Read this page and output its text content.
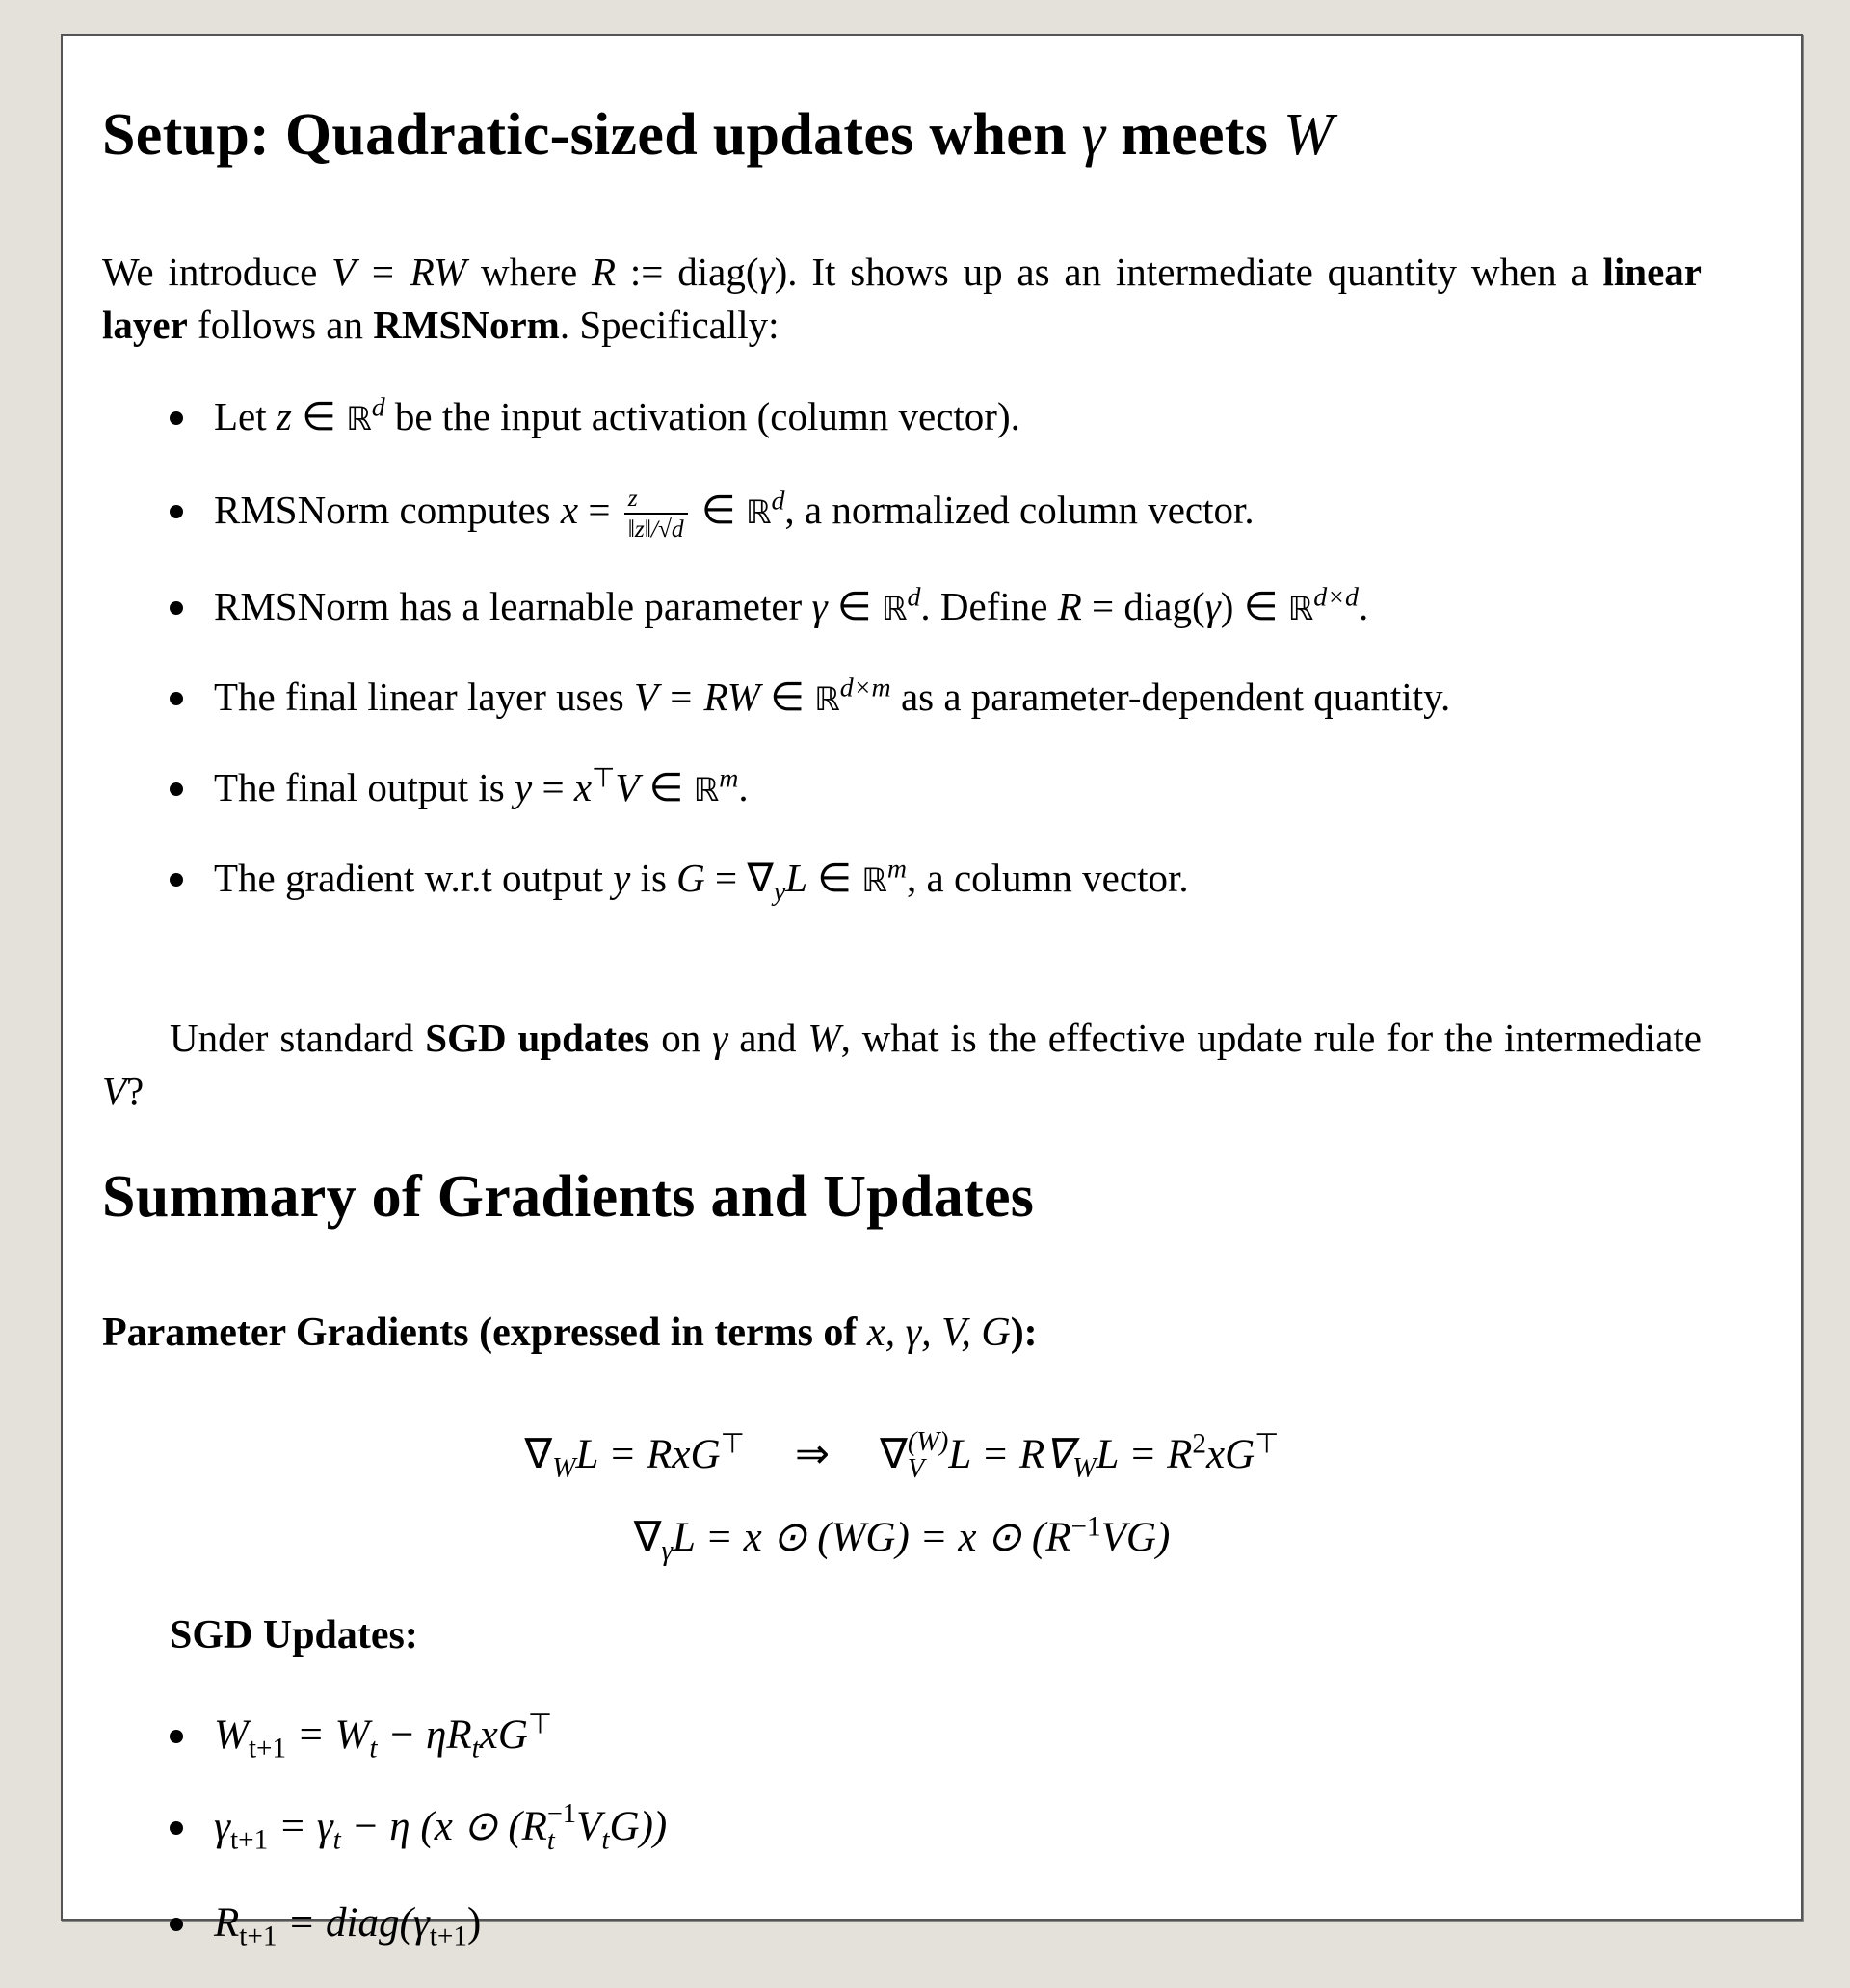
Setup: Quadratic-sized updates when γ meets W

We introduce V = RW where R := diag(γ). It shows up as an intermediate quantity when a linear layer follows an RMSNorm. Specifically:

Let z ∈ ℝ$^d$ be the input activation (column vector).
RMSNorm computes $x = \frac{z}{‖z‖/√d}$ ∈ ℝ$^d$, a normalized column vector.
RMSNorm has a learnable parameter γ ∈ ℝ$^d$. Define R = diag(γ) ∈ ℝ$^{d\times d}$.
The final linear layer uses V = RW ∈ ℝ$^{d\times m}$ as a parameter-dependent quantity.
The final output is y = x⊤V ∈ ℝ$^m$.
The gradient w.r.t output y is $G = \nabla_yL$ ∈ ℝ$^m$, a column vector.

Under standard SGD updates on γ and W, what is the effective update rule for the intermediate V?

Summary of Gradients and Updates
Parameter Gradients (expressed in terms of x, γ, V, G):
$\nabla_WL = RxG^⊤$ ⇒ ∇ (W)
V $L = R\nabla_WL = R^2xG^⊤$
$\nabla_\gamma L = x$ ⊙ (WG) = x ⊙ $(R^{-1}VG)$
SGD Updates:
$W_{t+1} = W_t - \eta R_txG^⊤$
$\gamma_{t+1} = \gamma_t - \eta$ (x ⊙ (R −1
t $V_tG$))
$R_{t+1}$ = $diag(\gamma_{t+1})$
